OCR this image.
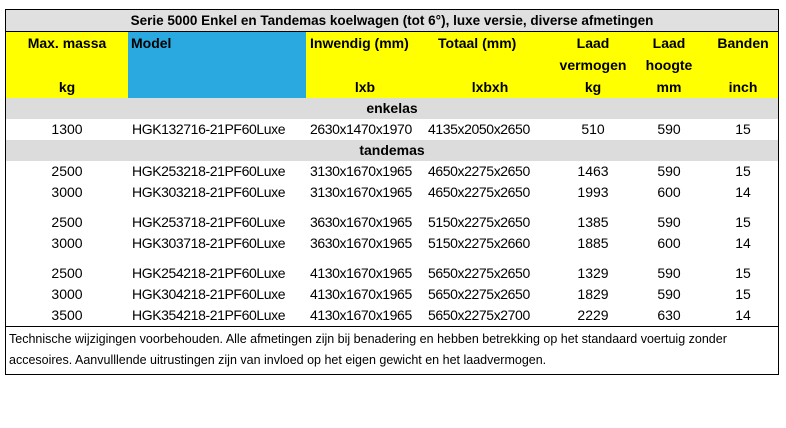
Serie 5000 Enkel en Tandemas koelwagen (tot 6°), luxe versie, diverse afmetingen
Max. massa	Model	Inwendig (mm)	Totaal (mm)	Laad	Laad	Banden
				vermogen	hoogte	
kg		lxb	lxbxh	kg	mm	inch
enkelas						
1300	HGK132716-21PF60Luxe	2630x1470x1970	4135x2050x2650	510	590	15
tandemas						
2500	HGK253218-21PF60Luxe	3130x1670x1965	4650x2275x2650	1463	590	15
3000	HGK303218-21PF60Luxe	3130x1670x1965	4650x2275x2650	1993	600	14

2500	HGK253718-21PF60Luxe	3630x1670x1965	5150x2275x2650	1385	590	15
3000	HGK303718-21PF60Luxe	3630x1670x1965	5150x2275x2660	1885	600	14

2500	HGK254218-21PF60Luxe	4130x1670x1965	5650x2275x2650	1329	590	15
3000	HGK304218-21PF60Luxe	4130x1670x1965	5650x2275x2650	1829	590	15
3500	HGK354218-21PF60Luxe	4130x1670x1965	5650x2275x2700	2229	630	14
Technische wijzigingen voorbehouden. Alle afmetingen zijn bij benadering en hebben betrekking op het standaard voertuig zonder accesoires. Aanvulllende uitrustingen zijn van invloed op het eigen gewicht en het laadvermogen.
